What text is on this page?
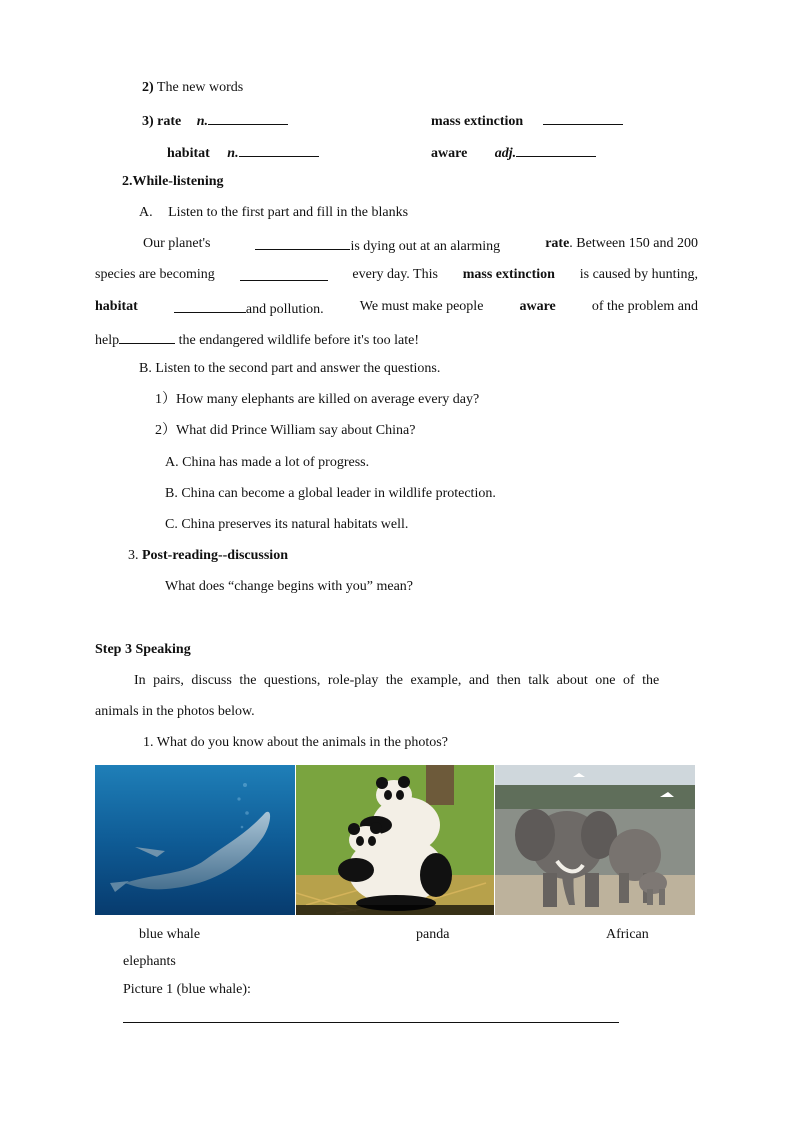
2) The new words
3) rate n.	mass extinction
habitat n.	aware adj.
2.While-listening
A. Listen to the first part and fill in the blanks
Our planet's	is dying out at an alarming	rate. Between 150 and 200
species are becoming	every day. This mass extinction is caused by hunting,
habitat	and pollution.	We must make people	aware	of the problem and
help	the endangered wildlife before it's too late!
B. Listen to the second part and answer the questions.
1）How many elephants are killed on average every day?
2）What did Prince William say about China?
A. China has made a lot of progress.
B. China can become a global leader in wildlife protection.
C. China preserves its natural habitats well.
3. Post-reading--discussion
What does “change begins with you” mean?
Step 3 Speaking
In pairs, discuss the questions, role-play the example, and then talk about one of the
animals in the photos below.
1. What do you know about the animals in the photos?
blue whale	panda	African
elephants
Picture 1 (blue whale):
